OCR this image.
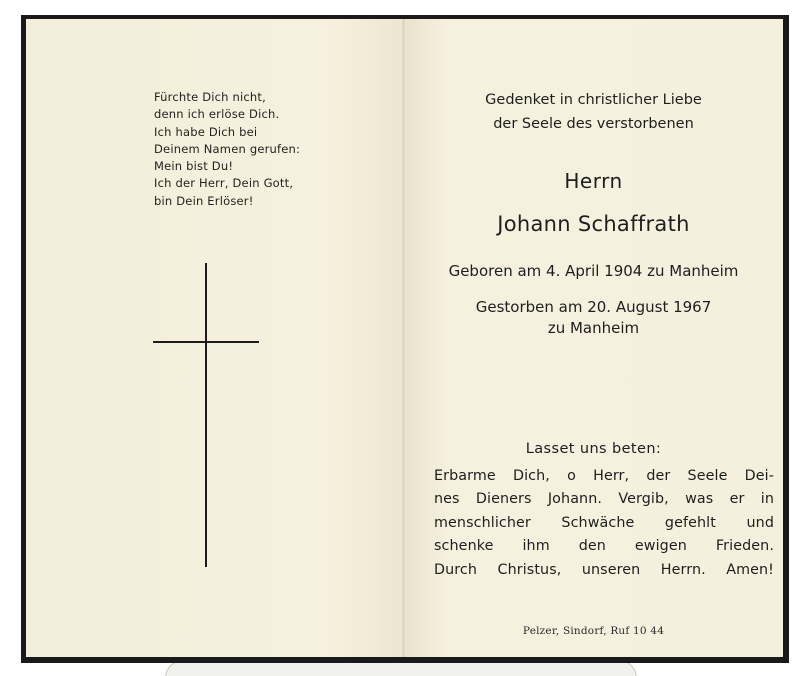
Fürchte Dich nicht,
denn ich erlöse Dich.
Ich habe Dich bei
Deinem Namen gerufen:
Mein bist Du!
Ich der Herr, Dein Gott,
bin Dein Erlöser!
Gedenket in christlicher Liebe
der Seele des verstorbenen
Herrn
Johann Schaffrath
Geboren am 4. April 1904 zu Manheim
Gestorben am 20. August 1967
zu Manheim
Lasset uns beten:
Erbarme Dich, o Herr, der Seele Dei-
nes Dieners Johann. Vergib, was er in
menschlicher Schwäche gefehlt und
schenke ihm den ewigen Frieden.
Durch Christus, unseren Herrn. Amen!
Pelzer, Sindorf, Ruf 10 44
